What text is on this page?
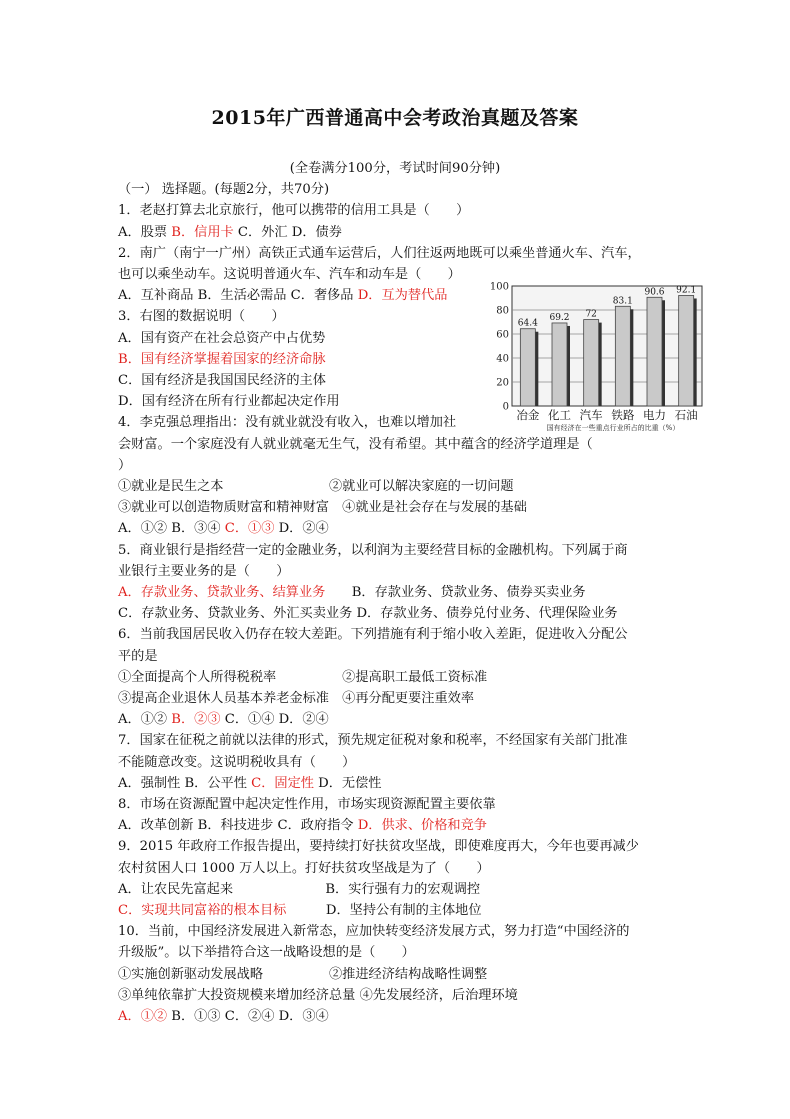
2015年广西普通高中会考政治真题及答案
(全卷满分100分，考试时间90分钟)
（一） 选择题。(每题2分，共70分)
1．老赵打算去北京旅行，他可以携带的信用工具是（　　）
A．股票 B．信用卡 C．外汇 D．债券
2．南广（南宁一广州）高铁正式通车运营后，人们往返两地既可以乘坐普通火车、汽车，
也可以乘坐动车。这说明普通火车、汽车和动车是（　　）
A．互补商品 B．生活必需品 C．奢侈品 D．互为替代品
3．右图的数据说明（　　）
A．国有资产在社会总资产中占优势
B．国有经济掌握着国家的经济命脉
C．国有经济是我国国民经济的主体
D．国有经济在所有行业都起决定作用
4．李克强总理指出：没有就业就没有收入，也难以增加社
会财富。一个家庭没有人就业就毫无生气，没有希望。其中蕴含的经济学道理是（
）
①就业是民生之本　　　　　　　　②就业可以解决家庭的一切问题
③就业可以创造物质财富和精神财富　④就业是社会存在与发展的基础
A．①② B．③④ C．①③ D．②④
5．商业银行是指经营一定的金融业务，以利润为主要经营目标的金融机构。下列属于商
业银行主要业务的是（　　）
A．存款业务、贷款业务、结算业务　　B．存款业务、贷款业务、债券买卖业务
C．存款业务、贷款业务、外汇买卖业务 D．存款业务、债券兑付业务、代理保险业务
6．当前我国居民收入仍存在较大差距。下列措施有利于缩小收入差距，促进收入分配公
平的是
①全面提高个人所得税税率　　　　　②提高职工最低工资标准
③提高企业退休人员基本养老金标准　④再分配更要注重效率
A．①② B．②③ C．①④ D．②④
7．国家在征税之前就以法律的形式，预先规定征税对象和税率，不经国家有关部门批准
不能随意改变。这说明税收具有（　　）
A．强制性 B．公平性 C．固定性 D．无偿性
8．市场在资源配置中起决定性作用，市场实现资源配置主要依靠
A．改革创新 B．科技进步 C．政府指令 D．供求、价格和竞争
9．2015 年政府工作报告提出，要持续打好扶贫攻坚战，即使难度再大，今年也要再减少
农村贫困人口 1000 万人以上。打好扶贫攻坚战是为了（　　）
A．让农民先富起来　　　　　　　B．实行强有力的宏观调控
C．实现共同富裕的根本目标　　　D．坚持公有制的主体地位
10．当前，中国经济发展进入新常态，应加快转变经济发展方式，努力打造“中国经济的
升级版”。以下举措符合这一战略设想的是（　　）
①实施创新驱动发展战略　　　　　②推进经济结构战略性调整
③单纯依靠扩大投资规模来增加经济总量 ④先发展经济，后治理环境
A．①② B．①③ C．②④ D．③④
0
20
40
60
80
100
64.4
冶金
69.2
化工
72
汽车
83.1
铁路
90.6
电力
92.1
石油
国有经济在一些重点行业所占的比重（%）
